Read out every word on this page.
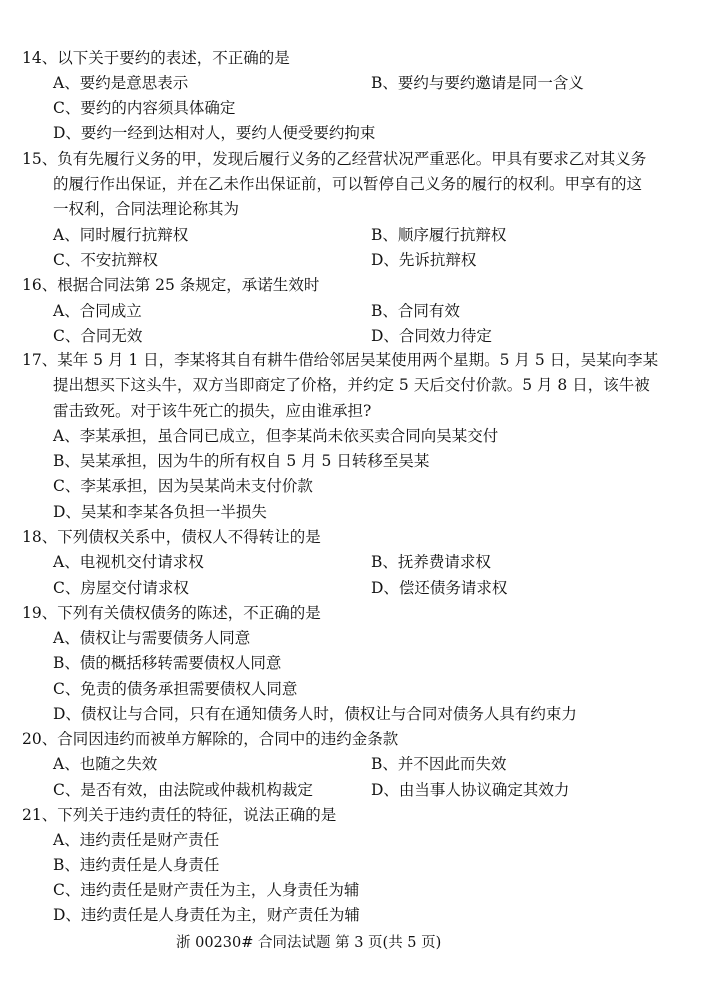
14、以下关于要约的表述，不正确的是
A、要约是意思表示	B、要约与要约邀请是同一含义
C、要约的内容须具体确定
D、要约一经到达相对人，要约人便受要约拘束
15、负有先履行义务的甲，发现后履行义务的乙经营状况严重恶化。甲具有要求乙对其义务
的履行作出保证，并在乙未作出保证前，可以暂停自己义务的履行的权利。甲享有的这
一权利，合同法理论称其为
A、同时履行抗辩权	B、顺序履行抗辩权
C、不安抗辩权	D、先诉抗辩权
16、根据合同法第 25 条规定，承诺生效时
A、合同成立	B、合同有效
C、合同无效	D、合同效力待定
17、某年 5 月 1 日，李某将其自有耕牛借给邻居吴某使用两个星期。5 月 5 日，吴某向李某
提出想买下这头牛，双方当即商定了价格，并约定 5 天后交付价款。5 月 8 日，该牛被
雷击致死。对于该牛死亡的损失，应由谁承担?
A、李某承担，虽合同已成立，但李某尚未依买卖合同向吴某交付
B、吴某承担，因为牛的所有权自 5 月 5 日转移至吴某
C、李某承担，因为吴某尚未支付价款
D、吴某和李某各负担一半损失
18、下列债权关系中，债权人不得转让的是
A、电视机交付请求权	B、抚养费请求权
C、房屋交付请求权	D、偿还债务请求权
19、下列有关债权债务的陈述，不正确的是
A、债权让与需要债务人同意
B、债的概括移转需要债权人同意
C、免责的债务承担需要债权人同意
D、债权让与合同，只有在通知债务人时，债权让与合同对债务人具有约束力
20、合同因违约而被单方解除的，合同中的违约金条款
A、也随之失效	B、并不因此而失效
C、是否有效，由法院或仲裁机构裁定	D、由当事人协议确定其效力
21、下列关于违约责任的特征，说法正确的是
A、违约责任是财产责任
B、违约责任是人身责任
C、违约责任是财产责任为主，人身责任为辅
D、违约责任是人身责任为主，财产责任为辅
浙 00230# 合同法试题 第 3 页(共 5 页)
